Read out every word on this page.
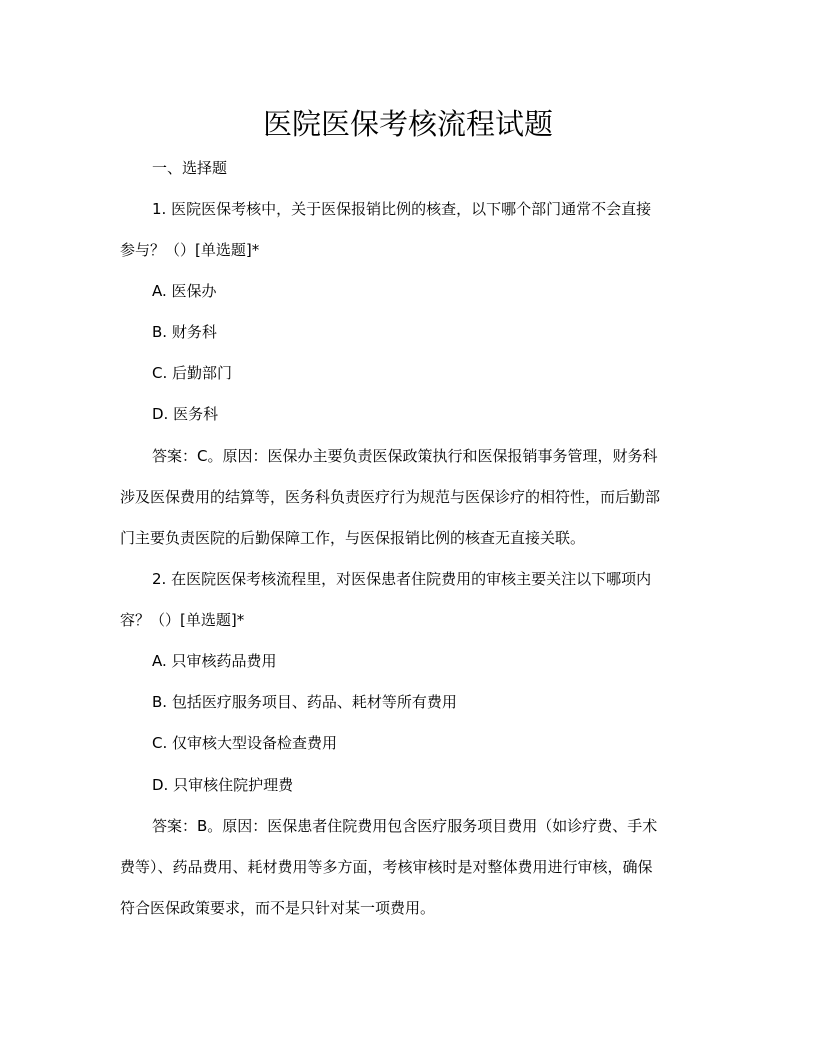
医院医保考核流程试题

一、选择题

1. 医院医保考核中，关于医保报销比例的核查，以下哪个部门通常不会直接

参与？（）[单选题]*

A. 医保办

B. 财务科

C. 后勤部门

D. 医务科

答案：C。原因：医保办主要负责医保政策执行和医保报销事务管理，财务科

涉及医保费用的结算等，医务科负责医疗行为规范与医保诊疗的相符性，而后勤部

门主要负责医院的后勤保障工作，与医保报销比例的核查无直接关联。

2. 在医院医保考核流程里，对医保患者住院费用的审核主要关注以下哪项内

容？（）[单选题]*

A. 只审核药品费用

B. 包括医疗服务项目、药品、耗材等所有费用

C. 仅审核大型设备检查费用

D. 只审核住院护理费

答案：B。原因：医保患者住院费用包含医疗服务项目费用（如诊疗费、手术

费等）、药品费用、耗材费用等多方面，考核审核时是对整体费用进行审核，确保

符合医保政策要求，而不是只针对某一项费用。
